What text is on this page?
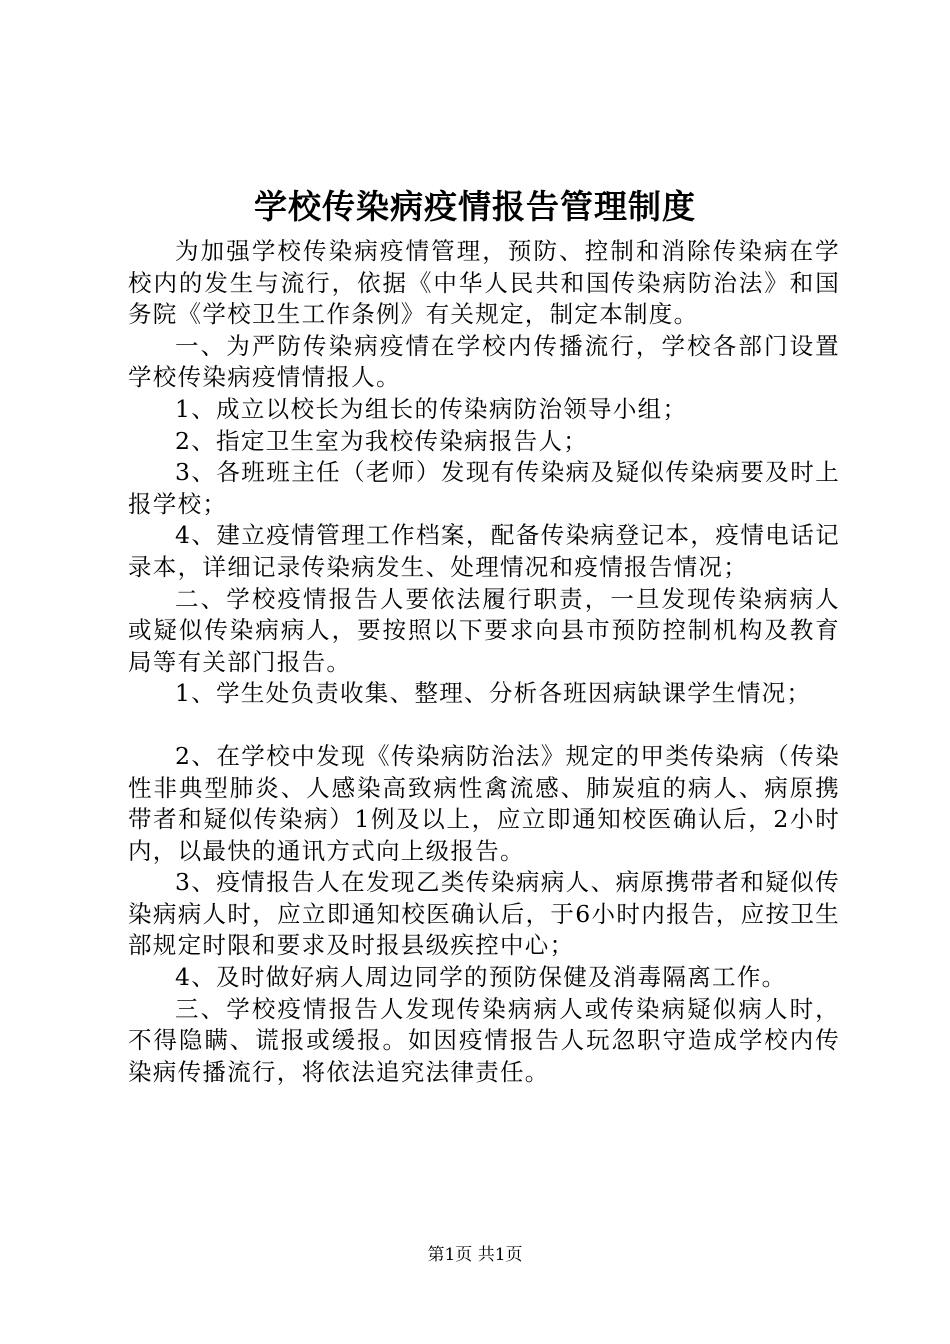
学校传染病疫情报告管理制度

为加强学校传染病疫情管理，预防、控制和消除传染病在学校内的发生与流行，依据《中华人民共和国传染病防治法》和国务院《学校卫生工作条例》有关规定，制定本制度。

一、为严防传染病疫情在学校内传播流行，学校各部门设置学校传染病疫情情报人。

1、成立以校长为组长的传染病防治领导小组；

2、指定卫生室为我校传染病报告人；

3、各班班主任（老师）发现有传染病及疑似传染病要及时上报学校；

4、建立疫情管理工作档案，配备传染病登记本，疫情电话记录本，详细记录传染病发生、处理情况和疫情报告情况；

二、学校疫情报告人要依法履行职责，一旦发现传染病病人或疑似传染病病人，要按照以下要求向县市预防控制机构及教育局等有关部门报告。

1、学生处负责收集、整理、分析各班因病缺课学生情况；

2、在学校中发现《传染病防治法》规定的甲类传染病（传染性非典型肺炎、人感染高致病性禽流感、肺炭疽的病人、病原携带者和疑似传染病）1例及以上，应立即通知校医确认后，2小时内，以最快的通讯方式向上级报告。

3、疫情报告人在发现乙类传染病病人、病原携带者和疑似传染病病人时，应立即通知校医确认后，于6小时内报告，应按卫生部规定时限和要求及时报县级疾控中心；

4、及时做好病人周边同学的预防保健及消毒隔离工作。

三、学校疫情报告人发现传染病病人或传染病疑似病人时，不得隐瞒、谎报或缓报。如因疫情报告人玩忽职守造成学校内传染病传播流行，将依法追究法律责任。

第1页 共1页
